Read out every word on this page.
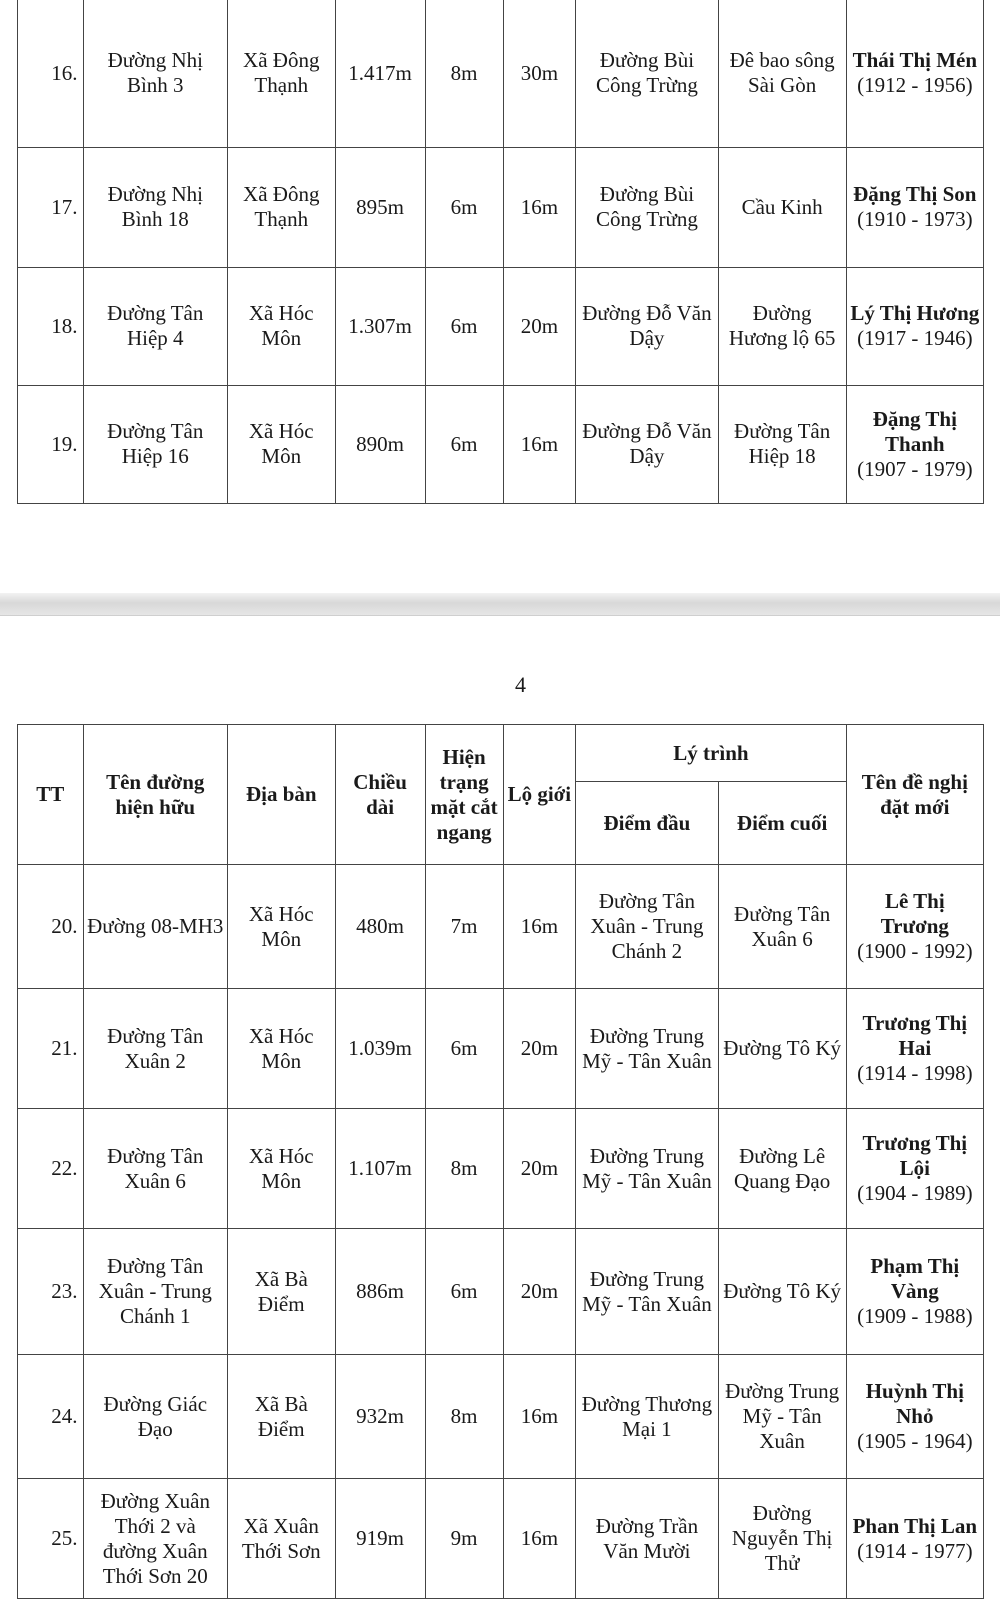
16.	Đường Nhị Bình 3	Xã Đông Thạnh	1.417m	8m	30m	Đường Bùi Công Trừng	Đê bao sông Sài Gòn	Thái Thị Mén
(1912 - 1956)

17.	Đường Nhị Bình 18	Xã Đông Thạnh	895m	6m	16m	Đường Bùi Công Trừng	Cầu Kinh	Đặng Thị Son
(1910 - 1973)

18.	Đường Tân Hiệp 4	Xã Hóc Môn	1.307m	6m	20m	Đường Đỗ Văn Dậy	Đường Hương lộ 65	Lý Thị Hương
(1917 - 1946)

19.	Đường Tân Hiệp 16	Xã Hóc Môn	890m	6m	16m	Đường Đỗ Văn Dậy	Đường Tân Hiệp 18	Đặng Thị Thanh
(1907 - 1979)
4
TT	Tên đường hiện hữu	Địa bàn	Chiều dài	Hiện trạng mặt cắt ngang	Lộ giới	Lý trình		Tên đề nghị đặt mới
						Điểm đầu	Điểm cuối	
20.	Đường 08-MH3	Xã Hóc Môn	480m	7m	16m	Đường Tân Xuân - Trung Chánh 2	Đường Tân Xuân 6	Lê Thị Trương
(1900 - 1992)

21.	Đường Tân Xuân 2	Xã Hóc Môn	1.039m	6m	20m	Đường Trung Mỹ - Tân Xuân	Đường Tô Ký	Trương Thị Hai
(1914 - 1998)

22.	Đường Tân Xuân 6	Xã Hóc Môn	1.107m	8m	20m	Đường Trung Mỹ - Tân Xuân	Đường Lê Quang Đạo	Trương Thị Lội
(1904 - 1989)

23.	Đường Tân Xuân - Trung Chánh 1	Xã Bà Điểm	886m	6m	20m	Đường Trung Mỹ - Tân Xuân	Đường Tô Ký	Phạm Thị Vàng
(1909 - 1988)

24.	Đường Giác Đạo	Xã Bà Điểm	932m	8m	16m	Đường Thương Mại 1	Đường Trung Mỹ - Tân Xuân	Huỳnh Thị Nhỏ
(1905 - 1964)

25.	Đường Xuân Thới 2 và đường Xuân Thới Sơn 20	Xã Xuân Thới Sơn	919m	9m	16m	Đường Trần Văn Mười	Đường Nguyễn Thị Thử	Phan Thị Lan
(1914 - 1977)
